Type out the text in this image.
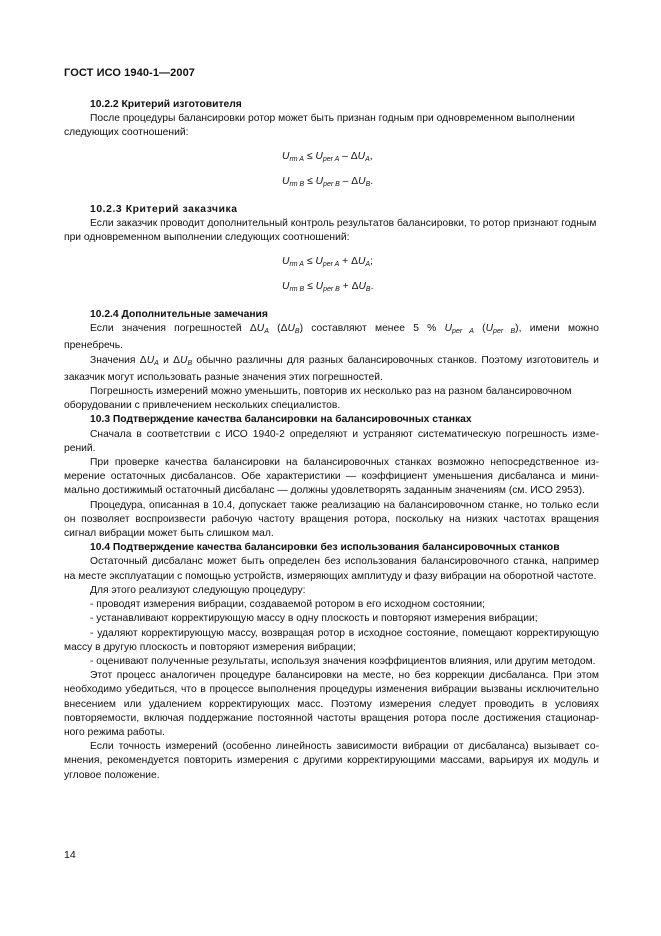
ГОСТ ИСО 1940-1—2007
10.2.2 Критерий изготовителя

После процедуры балансировки ротор может быть признан годным при одновременном выполнении следующих соотношений:

Urm A ≤ Uper A – ΔUA,
Urm B ≤ Uper B – ΔUB.
10.2.3 Критерий заказчика

Если заказчик проводит дополнительный контроль результатов балансировки, то ротор признают годным при одновременном выполнении следующих соотношений:

Urm A ≤ Uper A + ΔUA;
Urm B ≤ Uper B + ΔUB.
10.2.4 Дополнительные замечания

Если значения погрешностей ΔUA (ΔUB) составляют менее 5 % Uper A (Uper B), имени можно пренебречь.

Значения ΔUA и ΔUB обычно различны для разных балансировочных станков. Поэтому изготовитель и заказчик могут использовать разные значения этих погрешностей.

Погрешность измерений можно уменьшить, повторив их несколько раз на разном балансировочном оборудовании с привлечением нескольких специалистов.

10.3 Подтверждение качества балансировки на балансировочных станках

Сначала в соответствии с ИСО 1940-2 определяют и устраняют систематическую погрешность измерений.

При проверке качества балансировки на балансировочных станках возможно непосредственное измерение остаточных дисбалансов. Обе характеристики — коэффициент уменьшения дисбаланса и минимально достижимый остаточный дисбаланс — должны удовлетворять заданным значениям (см. ИСО 2953).

Процедура, описанная в 10.4, допускает также реализацию на балансировочном станке, но только если он позволяет воспроизвести рабочую частоту вращения ротора, поскольку на низких частотах вращения сигнал вибрации может быть слишком мал.

10.4 Подтверждение качества балансировки без использования балансировочных станков

Остаточный дисбаланс может быть определен без использования балансировочного станка, например на месте эксплуатации с помощью устройств, измеряющих амплитуду и фазу вибрации на оборотной частоте.

Для этого реализуют следующую процедуру:

- проводят измерения вибрации, создаваемой ротором в его исходном состоянии;
- устанавливают корректирующую массу в одну плоскость и повторяют измерения вибрации;
- удаляют корректирующую массу, возвращая ротор в исходное состояние, помещают корректирующую массу в другую плоскость и повторяют измерения вибрации;
- оценивают полученные результаты, используя значения коэффициентов влияния, или другим методом.

Этот процесс аналогичен процедуре балансировки на месте, но без коррекции дисбаланса. При этом необходимо убедиться, что в процессе выполнения процедуры изменения вибрации вызваны исключительно внесением или удалением корректирующих масс. Поэтому измерения следует проводить в условиях повторяемости, включая поддержание постоянной частоты вращения ротора после достижения стационарного режима работы.

Если точность измерений (особенно линейность зависимости вибрации от дисбаланса) вызывает сомнения, рекомендуется повторить измерения с другими корректирующими массами, варьируя их модуль и угловое положение.

14
